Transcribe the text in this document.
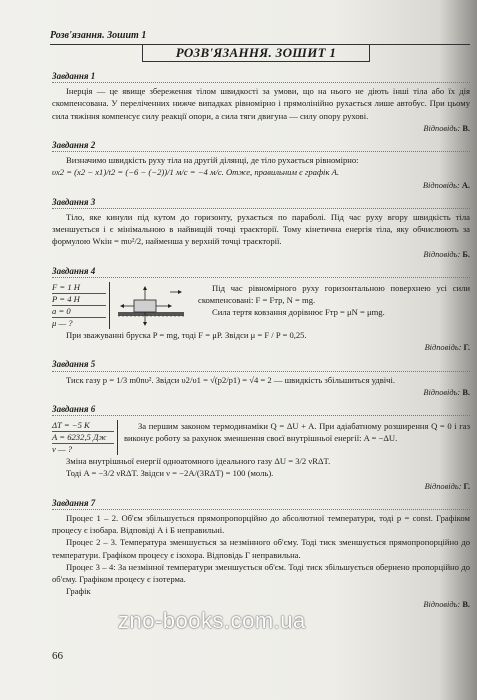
Розв'язання. Зошит 1
РОЗВ'ЯЗАННЯ. ЗОШИТ 1
Завдання 1

Інерція — це явище збереження тілом швидкості за умови, що на нього не діють інші тіла або їх дія скомпенсована. У переліченних нижче випадках рівномірно і прямолінійно рухається лише автобус. При цьому сила тяжіння компенсує силу реакції опори, а сила тяги двигуна — силу опору рухові.

Відповідь: В.
Завдання 2

Визначимо швидкість руху тіла на другій ділянці, де тіло рухається рівномірно:

υx2 = (x2 − x1)/t2 = (−6 − (−2))/1 м/с = −4 м/с. Отже, правильним є графік А.
Відповідь: А.
Завдання 3

Тіло, яке кинули під кутом до горизонту, рухається по параболі. Під час руху вгору швидкість тіла зменшується і є мінімальною в найвищій точці траєкторії. Тому кінетична енергія тіла, яку обчислюють за формулою Wкін = mυ²/2, найменша у верхній точці траєкторії.

Відповідь: Б.
Завдання 4
F = 1 H
P = 4 H
a = 0
μ — ?

Під час рівномірного руху горизонтальною поверхнею усі сили скомпенсовані: F = Fтр, N = mg.

Сила тертя ковзання дорівнює Fтр = μN = μmg.

При зважуванні бруска P = mg, тоді F = μP. Звідси μ = F / P = 0,25.

Відповідь: Г.
Завдання 5

Тиск газу p = 1/3 m0nυ². Звідси υ2/υ1 = √(p2/p1) = √4 = 2 — швидкість збільшиться удвічі.

Відповідь: В.
Завдання 6
ΔT = −5 K
A = 6232,5 Дж
ν — ?

За першим законом термодинаміки Q = ΔU + A. При адіабатному розширення Q = 0 і газ виконує роботу за рахунок зменшення своєї внутрішньої енергії: A = −ΔU.

Зміна внутрішньої енергії одноатомного ідеального газу ΔU = 3/2 νRΔT.

Тоді A = −3/2 νRΔT. Звідси ν = −2A/(3RΔT) = 100 (моль).

Відповідь: Г.
Завдання 7

Процес 1 – 2. Об'єм збільшується прямопропорційно до абсолютної температури, тоді p = const. Графіком процесу є ізобара. Відповіді А і Б неправильні.

Процес 2 – 3. Температура зменшується за незмінного об'єму. Тоді тиск зменшується прямопропорційно до температури. Графіком процесу є ізохора. Відповідь Г неправильна.

Процес 3 – 4: За незмінної температури зменшується об'єм. Тоді тиск збільшується обернено пропорційно до об'єму. Графіком процесу є ізотерма.

Графік

Відповідь: В.
zno-books.com.ua
66
